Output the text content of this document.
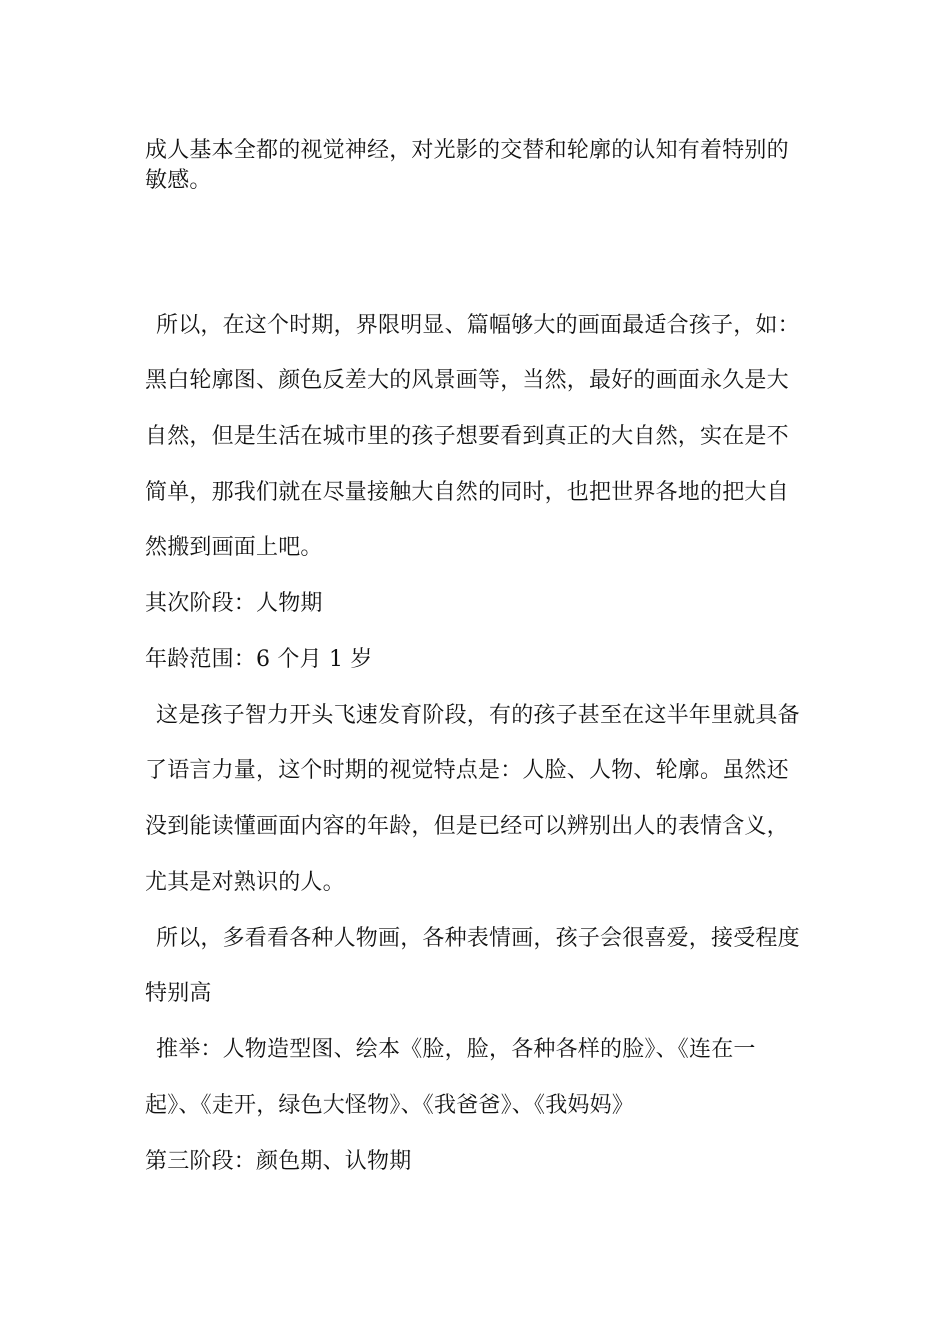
成人基本全都的视觉神经，对光影的交替和轮廓的认知有着特别的
敏感。
所以，在这个时期，界限明显、篇幅够大的画面最适合孩子，如：
黑白轮廓图、颜色反差大的风景画等，当然，最好的画面永久是大
自然，但是生活在城市里的孩子想要看到真正的大自然，实在是不
简单，那我们就在尽量接触大自然的同时，也把世界各地的把大自
然搬到画面上吧。
其次阶段：人物期
年龄范围：6 个月 1 岁
这是孩子智力开头飞速发育阶段，有的孩子甚至在这半年里就具备
了语言力量，这个时期的视觉特点是：人脸、人物、轮廓。虽然还
没到能读懂画面内容的年龄，但是已经可以辨别出人的表情含义，
尤其是对熟识的人。
所以，多看看各种人物画，各种表情画，孩子会很喜爱，接受程度
特别高
推举：人物造型图、绘本《脸，脸，各种各样的脸》、《连在一
起》、《走开，绿色大怪物》、《我爸爸》、《我妈妈》
第三阶段：颜色期、认物期
